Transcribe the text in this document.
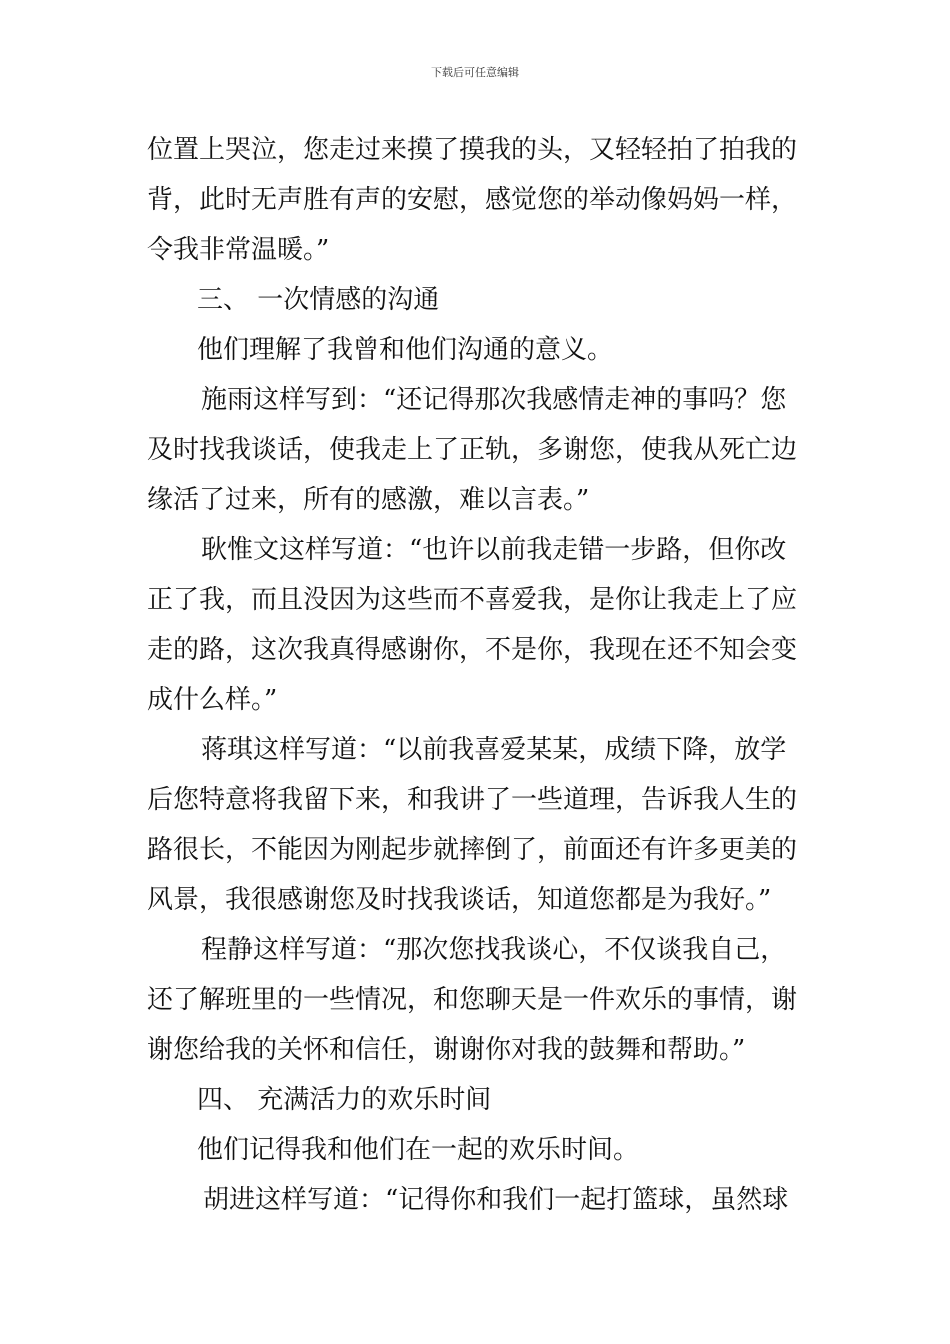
下载后可任意编辑
位置上哭泣，您走过来摸了摸我的头，又轻轻拍了拍我的
背，此时无声胜有声的安慰，感觉您的举动像妈妈一样，
令我非常温暖。”
三、 一次情感的沟通
他们理解了我曾和他们沟通的意义。
施雨这样写到：“还记得那次我感情走神的事吗？您
及时找我谈话，使我走上了正轨，多谢您，使我从死亡边
缘活了过来，所有的感激，难以言表。”
耿惟文这样写道：“也许以前我走错一步路，但你改
正了我，而且没因为这些而不喜爱我，是你让我走上了应
走的路，这次我真得感谢你，不是你，我现在还不知会变
成什么样。”
蒋琪这样写道：“以前我喜爱某某，成绩下降，放学
后您特意将我留下来，和我讲了一些道理，告诉我人生的
路很长，不能因为刚起步就摔倒了，前面还有许多更美的
风景，我很感谢您及时找我谈话，知道您都是为我好。”
程静这样写道：“那次您找我谈心，不仅谈我自己，
还了解班里的一些情况，和您聊天是一件欢乐的事情，谢
谢您给我的关怀和信任，谢谢你对我的鼓舞和帮助。”
四、 充满活力的欢乐时间
他们记得我和他们在一起的欢乐时间。
胡进这样写道：“记得你和我们一起打篮球，虽然球
